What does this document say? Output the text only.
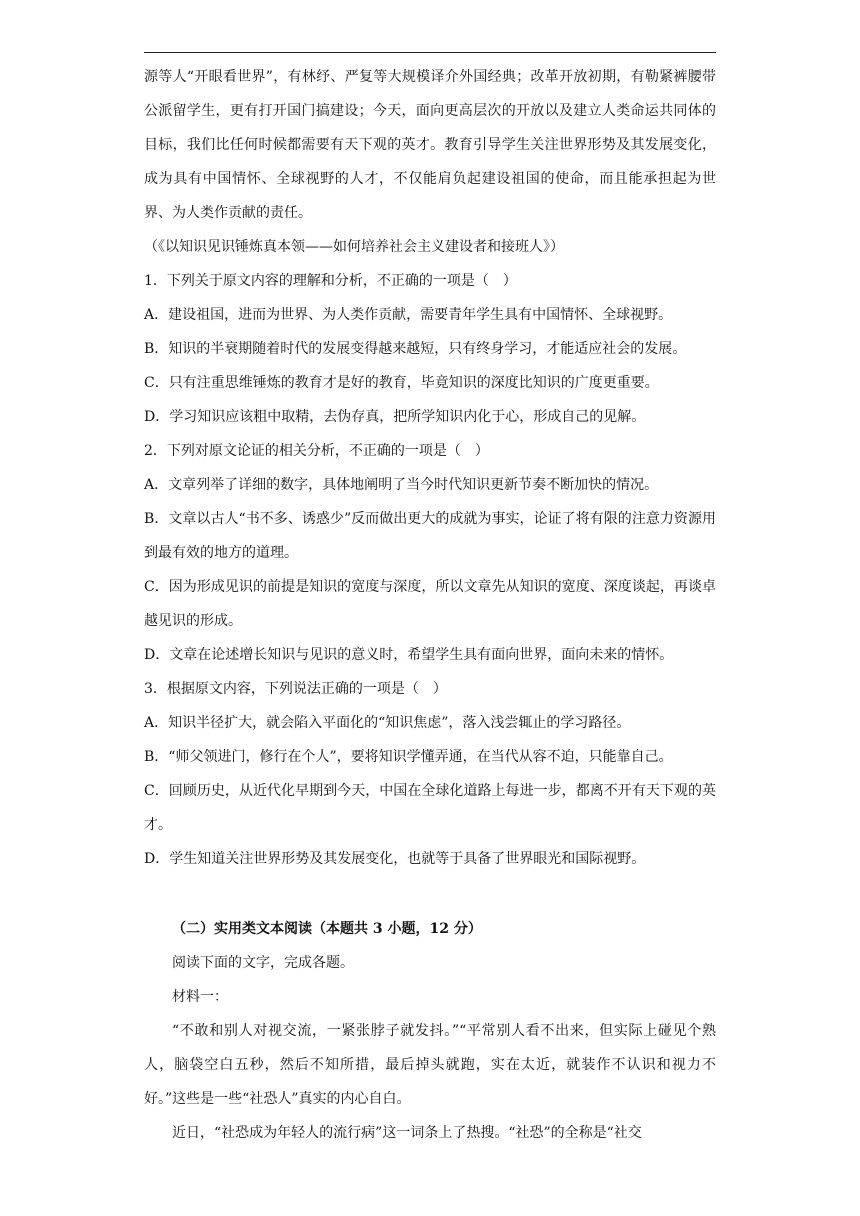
源等人“开眼看世界”，有林纾、严复等大规模译介外国经典；改革开放初期，有勒紧裤腰带公派留学生，更有打开国门搞建设；今天，面向更高层次的开放以及建立人类命运共同体的目标，我们比任何时候都需要有天下观的英才。教育引导学生关注世界形势及其发展变化，成为具有中国情怀、全球视野的人才，不仅能肩负起建设祖国的使命，而且能承担起为世界、为人类作贡献的责任。

（《以知识见识锤炼真本领——如何培养社会主义建设者和接班人》）

1．下列关于原文内容的理解和分析，不正确的一项是（　）

A．建设祖国，进而为世界、为人类作贡献，需要青年学生具有中国情怀、全球视野。

B．知识的半衰期随着时代的发展变得越来越短，只有终身学习，才能适应社会的发展。

C．只有注重思维锤炼的教育才是好的教育，毕竟知识的深度比知识的广度更重要。

D．学习知识应该粗中取精，去伪存真，把所学知识内化于心，形成自己的见解。

2．下列对原文论证的相关分析，不正确的一项是（　）

A．文章列举了详细的数字，具体地阐明了当今时代知识更新节奏不断加快的情况。

B．文章以古人“书不多、诱惑少”反而做出更大的成就为事实，论证了将有限的注意力资源用到最有效的地方的道理。

C．因为形成见识的前提是知识的宽度与深度，所以文章先从知识的宽度、深度谈起，再谈卓越见识的形成。

D．文章在论述增长知识与见识的意义时，希望学生具有面向世界，面向未来的情怀。

3．根据原文内容，下列说法正确的一项是（　）

A．知识半径扩大，就会陷入平面化的“知识焦虑”，落入浅尝辄止的学习路径。

B．“师父领进门，修行在个人”，要将知识学懂弄通，在当代从容不迫，只能靠自己。

C．回顾历史，从近代化早期到今天，中国在全球化道路上每进一步，都离不开有天下观的英才。

D．学生知道关注世界形势及其发展变化，也就等于具备了世界眼光和国际视野。

（二）实用类文本阅读（本题共 3 小题，12 分）

阅读下面的文字，完成各题。

材料一：

“不敢和别人对视交流，一紧张脖子就发抖。”“平常别人看不出来，但实际上碰见个熟人，脑袋空白五秒，然后不知所措，最后掉头就跑，实在太近，就装作不认识和视力不好。”这些是一些“社恐人”真实的内心自白。

近日，“社恐成为年轻人的流行病”这一词条上了热搜。“社恐”的全称是“社交
